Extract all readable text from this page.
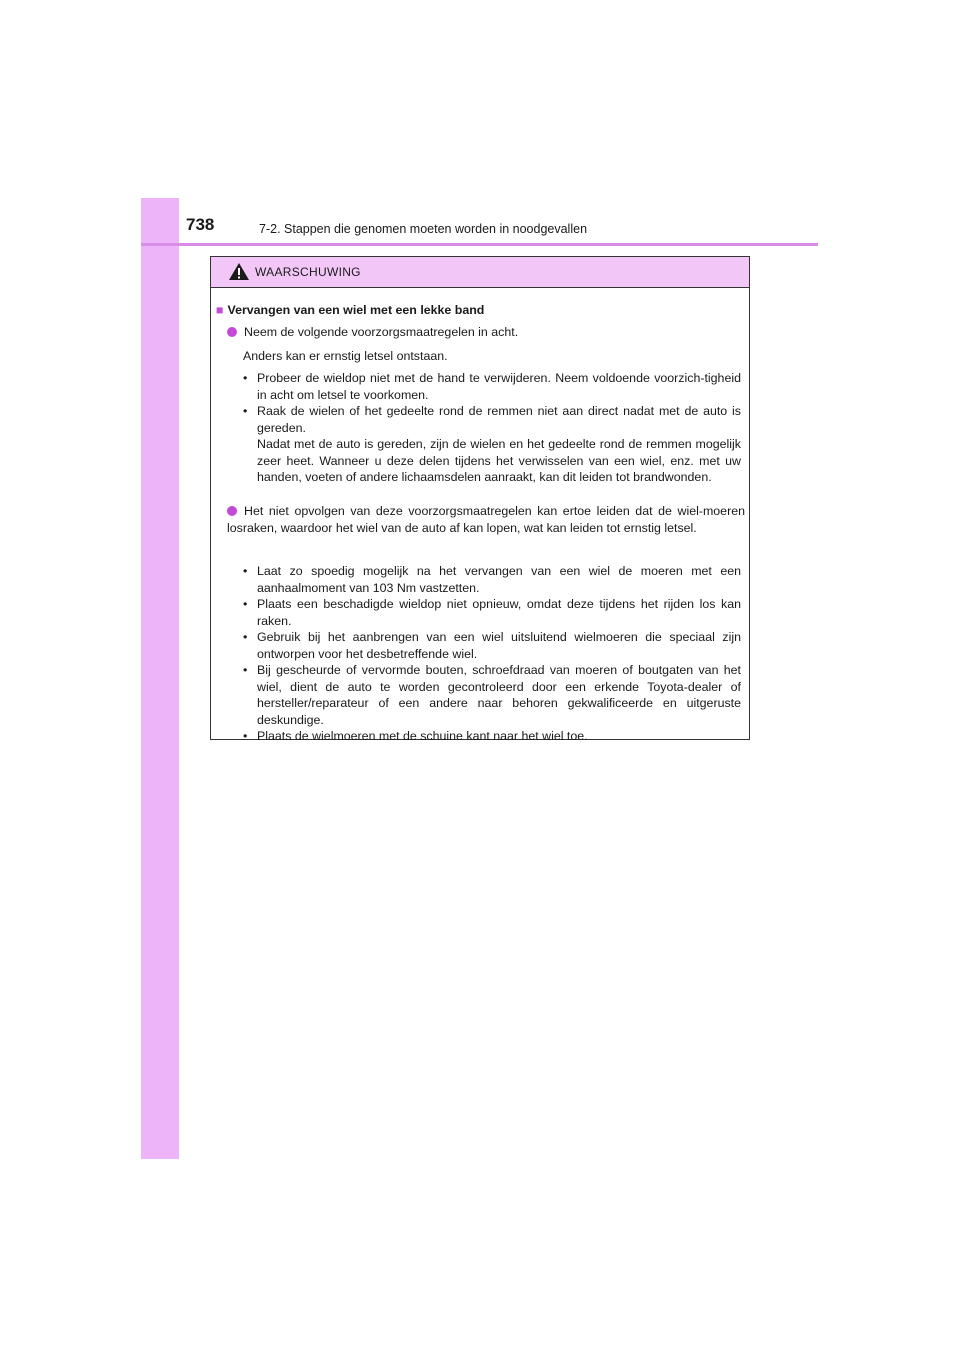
738	7-2. Stappen die genomen moeten worden in noodgevallen
WAARSCHUWING
■ Vervangen van een wiel met een lekke band
Neem de volgende voorzorgsmaatregelen in acht.
Anders kan er ernstig letsel ontstaan.
• Probeer de wieldop niet met de hand te verwijderen. Neem voldoende voorzich-tigheid in acht om letsel te voorkomen.
• Raak de wielen of het gedeelte rond de remmen niet aan direct nadat met de auto is gereden.
Nadat met de auto is gereden, zijn de wielen en het gedeelte rond de remmen mogelijk zeer heet. Wanneer u deze delen tijdens het verwisselen van een wiel, enz. met uw handen, voeten of andere lichaamsdelen aanraakt, kan dit leiden tot brandwonden.
Het niet opvolgen van deze voorzorgsmaatregelen kan ertoe leiden dat de wiel-moeren losraken, waardoor het wiel van de auto af kan lopen, wat kan leiden tot ernstig letsel.
• Laat zo spoedig mogelijk na het vervangen van een wiel de moeren met een aanhaalmoment van 103 Nm vastzetten.
• Plaats een beschadigde wieldop niet opnieuw, omdat deze tijdens het rijden los kan raken.
• Gebruik bij het aanbrengen van een wiel uitsluitend wielmoeren die speciaal zijn ontworpen voor het desbetreffende wiel.
• Bij gescheurde of vervormde bouten, schroefdraad van moeren of boutgaten van het wiel, dient de auto te worden gecontroleerd door een erkende Toyota-dealer of hersteller/reparateur of een andere naar behoren gekwalificeerde en uitgeruste deskundige.
• Plaats de wielmoeren met de schuine kant naar het wiel toe.
